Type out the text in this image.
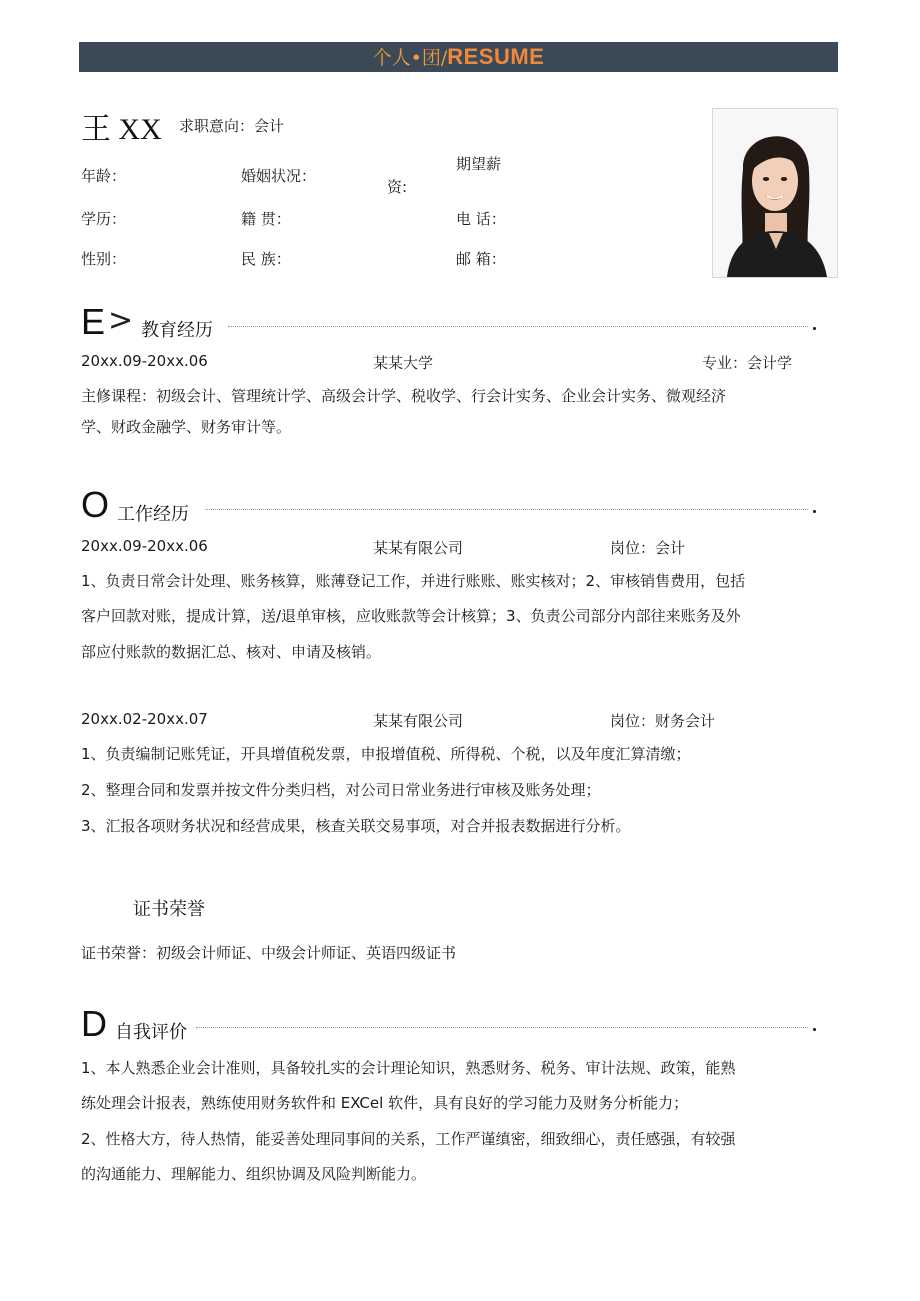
个人•团/RESUME
王 XX 求职意向：会计
年龄：	婚姻状况：
期望薪
资:
学历：	籍 贯：	电 话：
性别：	民 族：	邮 箱：
E > 教育经历
20xx.09-20xx.06	某某大学	专业：会计学
主修课程：初级会计、管理统计学、高级会计学、税收学、行会计实务、企业会计实务、微观经济
学、财政金融学、财务审计等。
O 工作经历
20xx.09-20xx.06	某某有限公司	岗位：会计
1、负责日常会计处理、账务核算，账薄登记工作，并进行账账、账实核对；2、审核销售费用，包括
客户回款对账，提成计算，送/退单审核，应收账款等会计核算；3、负责公司部分内部往来账务及外
部应付账款的数据汇总、核对、申请及核销。
20xx.02-20xx.07	某某有限公司	岗位：财务会计
1、负责编制记账凭证，开具增值税发票，申报增值税、所得税、个税，以及年度汇算清缴；
2、整理合同和发票并按文件分类归档，对公司日常业务进行审核及账务处理；
3、汇报各项财务状况和经营成果，核查关联交易事项，对合并报表数据进行分析。
证书荣誉
证书荣誉：初级会计师证、中级会计师证、英语四级证书
D 自我评价
1、本人熟悉企业会计准则，具备较扎实的会计理论知识，熟悉财务、税务、审计法规、政策，能熟
练处理会计报表，熟练使用财务软件和 EXCel 软件，具有良好的学习能力及财务分析能力；
2、性格大方，待人热情，能妥善处理同事间的关系，工作严谨缜密，细致细心，责任感强，有较强
的沟通能力、理解能力、组织协调及风险判断能力。
